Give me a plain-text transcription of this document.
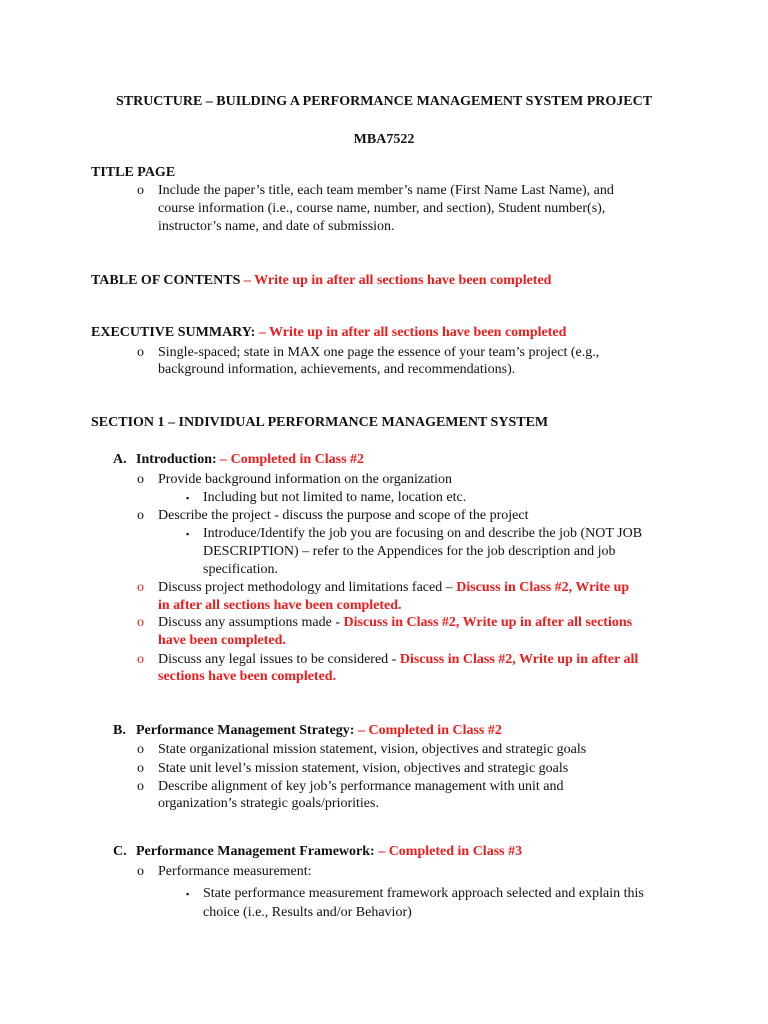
STRUCTURE – BUILDING A PERFORMANCE MANAGEMENT SYSTEM PROJECT
MBA7522
TITLE PAGE
o Include the paper’s title, each team member’s name (First Name Last Name), and
course information (i.e., course name, number, and section), Student number(s),
instructor’s name, and date of submission.
TABLE OF CONTENTS – Write up in after all sections have been completed
EXECUTIVE SUMMARY: – Write up in after all sections have been completed
o Single-spaced; state in MAX one page the essence of your team’s project (e.g.,
background information, achievements, and recommendations).
SECTION 1 – INDIVIDUAL PERFORMANCE MANAGEMENT SYSTEM
A. Introduction: – Completed in Class #2
o Provide background information on the organization
▪ Including but not limited to name, location etc.
o Describe the project - discuss the purpose and scope of the project
▪ Introduce/Identify the job you are focusing on and describe the job (NOT JOB
DESCRIPTION) – refer to the Appendices for the job description and job
specification.
o Discuss project methodology and limitations faced – Discuss in Class #2, Write up
in after all sections have been completed.
o Discuss any assumptions made - Discuss in Class #2, Write up in after all sections
have been completed.
o Discuss any legal issues to be considered - Discuss in Class #2, Write up in after all
sections have been completed.
B. Performance Management Strategy: – Completed in Class #2
o State organizational mission statement, vision, objectives and strategic goals
o State unit level’s mission statement, vision, objectives and strategic goals
o Describe alignment of key job’s performance management with unit and
organization’s strategic goals/priorities.
C. Performance Management Framework: – Completed in Class #3
o Performance measurement:
▪ State performance measurement framework approach selected and explain this
choice (i.e., Results and/or Behavior)
